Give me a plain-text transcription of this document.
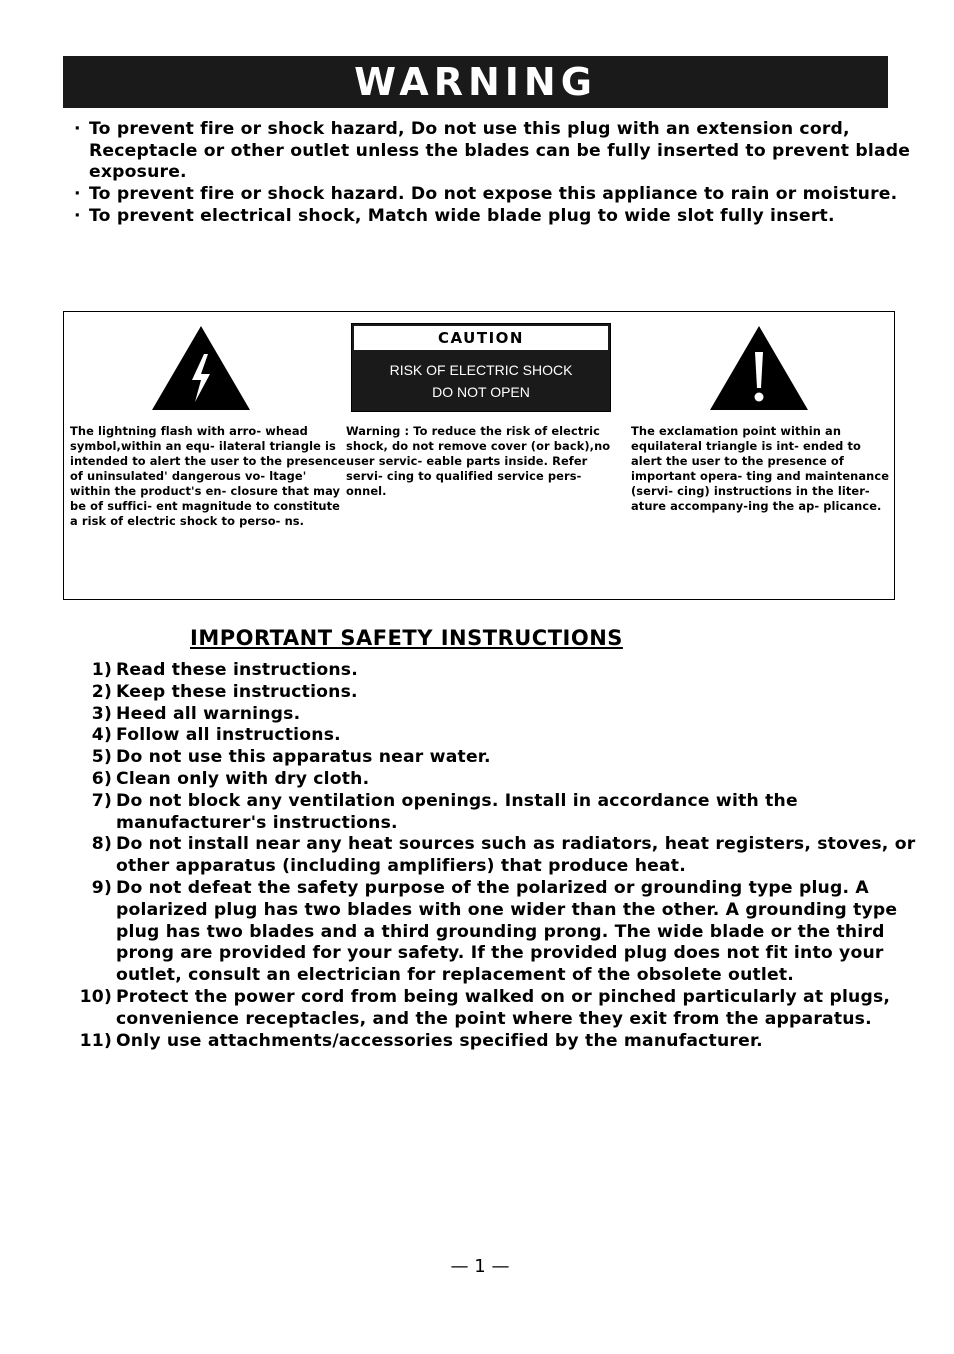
WARNING
· To prevent fire or shock hazard, Do not use this plug with an extension cord, Receptacle or other outlet unless the blades can be fully inserted to prevent blade exposure.
· To prevent fire or shock hazard. Do not expose this appliance to rain or moisture.
· To prevent electrical shock, Match wide blade plug to wide slot fully insert.
CAUTION
RISK OF ELECTRIC SHOCK
DO NOT OPEN
The lightning flash with arro- whead symbol,within an equ- ilateral triangle is intended to alert the user to the presence of uninsulated' dangerous vo- ltage' within the product's en- closure that may be of suffici- ent magnitude to constitute a risk of electric shock to perso- ns.
Warning : To reduce the risk of electric shock, do not remove cover (or back),no user servic- eable parts inside. Refer servi- cing to qualified service pers- onnel.
The exclamation point within an equilateral triangle is int- ended to alert the user to the presence of important opera- ting and maintenance (servi- cing) instructions in the liter- ature accompany-ing the ap- plicance.
IMPORTANT SAFETY INSTRUCTIONS
1) Read these instructions.
2) Keep these instructions.
3) Heed all warnings.
4) Follow all instructions.
5) Do not use this apparatus near water.
6) Clean only with dry cloth.
7) Do not block any ventilation openings. Install in accordance with the manufacturer's instructions.
8) Do not install near any heat sources such as radiators, heat registers, stoves, or other apparatus (including amplifiers) that produce heat.
9) Do not defeat the safety purpose of the polarized or grounding type plug. A polarized plug has two blades with one wider than the other. A grounding type plug has two blades and a third grounding prong. The wide blade or the third prong are provided for your safety. If the provided plug does not fit into your outlet, consult an electrician for replacement of the obsolete outlet.
10) Protect the power cord from being walked on or pinched particularly at plugs, convenience receptacles, and the point where they exit from the apparatus.
11) Only use attachments/accessories specified by the manufacturer.
— 1 —
